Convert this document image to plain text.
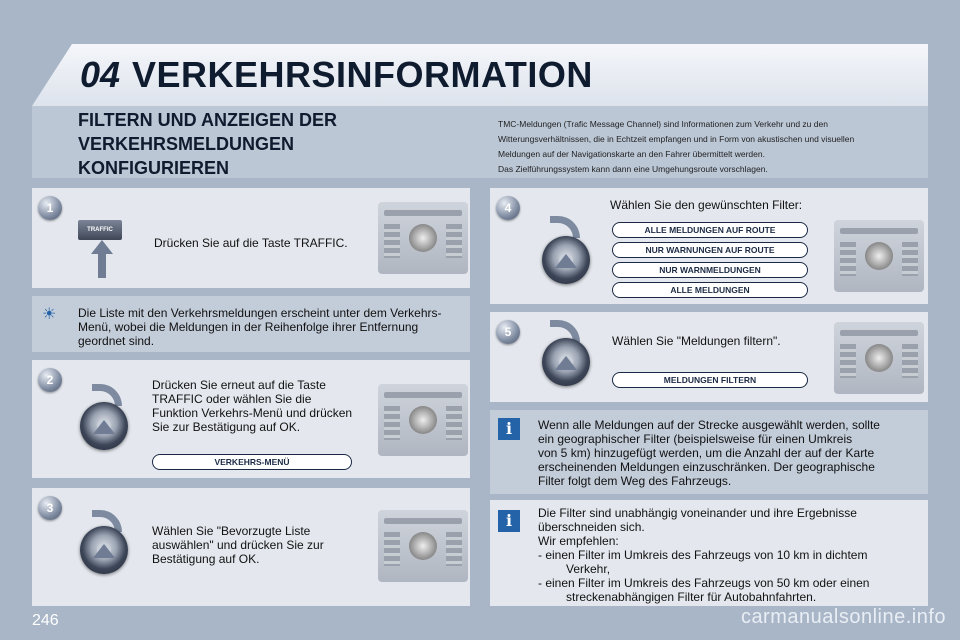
04 VERKEHRSINFORMATION
FILTERN UND ANZEIGEN DER
VERKEHRSMELDUNGEN
KONFIGURIEREN

TMC-Meldungen (Trafic Message Channel) sind Informationen zum Verkehr und zu den

Witterungsverhältnissen, die in Echtzeit empfangen und in Form von akustischen und visuellen

Meldungen auf der Navigationskarte an den Fahrer übermittelt werden.

Das Zielführungssystem kann dann eine Umgehungsroute vorschlagen.

1
TRAFFIC
Drücken Sie auf die Taste TRAFFIC.
☀ Die Liste mit den Verkehrsmeldungen erscheint unter dem Verkehrs-
Menü, wobei die Meldungen in der Reihenfolge ihrer Entfernung
geordnet sind.
2	Drücken Sie erneut auf die Taste
TRAFFIC oder wählen Sie die
Funktion Verkehrs-Menü und drücken
Sie zur Bestätigung auf OK.
VERKEHRS-MENÜ
3
Wählen Sie "Bevorzugte Liste
auswählen" und drücken Sie zur
Bestätigung auf OK.
4	Wählen Sie den gewünschten Filter:
ALLE MELDUNGEN AUF ROUTE
NUR WARNUNGEN AUF ROUTE
NUR WARNMELDUNGEN
ALLE MELDUNGEN
5
Wählen Sie "Meldungen filtern".
MELDUNGEN FILTERN
i	Wenn alle Meldungen auf der Strecke ausgewählt werden, sollte
ein geographischer Filter (beispielsweise für einen Umkreis
von 5 km) hinzugefügt werden, um die Anzahl der auf der Karte
erscheinenden Meldungen einzuschränken. Der geographische
Filter folgt dem Weg des Fahrzeugs.
i	Die Filter sind unabhängig voneinander und ihre Ergebnisse
überschneiden sich.
Wir empfehlen:
- einen Filter im Umkreis des Fahrzeugs von 10 km in dichtem
Verkehr,
- einen Filter im Umkreis des Fahrzeugs von 50 km oder einen
streckenabhängigen Filter für Autobahnfahrten.
246	carmanualsonline.info
